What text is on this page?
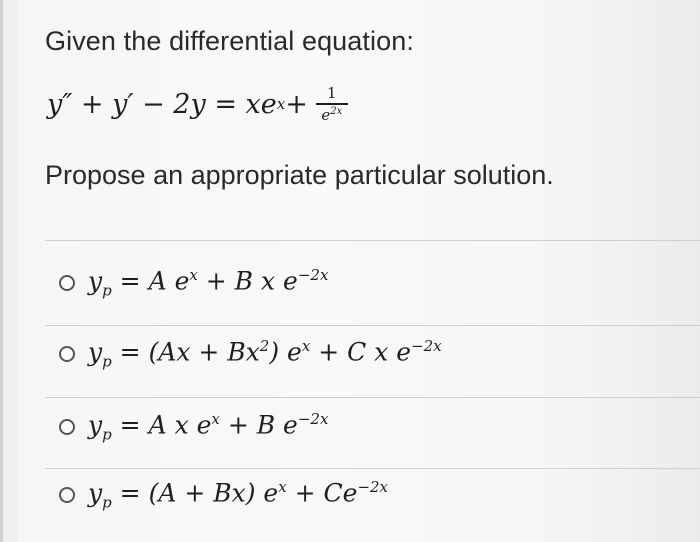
Given the differential equation:
y″ + y′ − 2y = xe $x + \frac{1}{e^{2x}}$
Propose an appropriate particular solution.
$y_p = A$ $e^x + B$ x $e^{-2x}$
$y_p = (Ax + Bx^2) e^x + C$ x $e^{-2x}$
$y_p = A$ x $e^x + B$ $e^{-2x}$
$y_p = (A + Bx) e^x + Ce^{-2x}$
